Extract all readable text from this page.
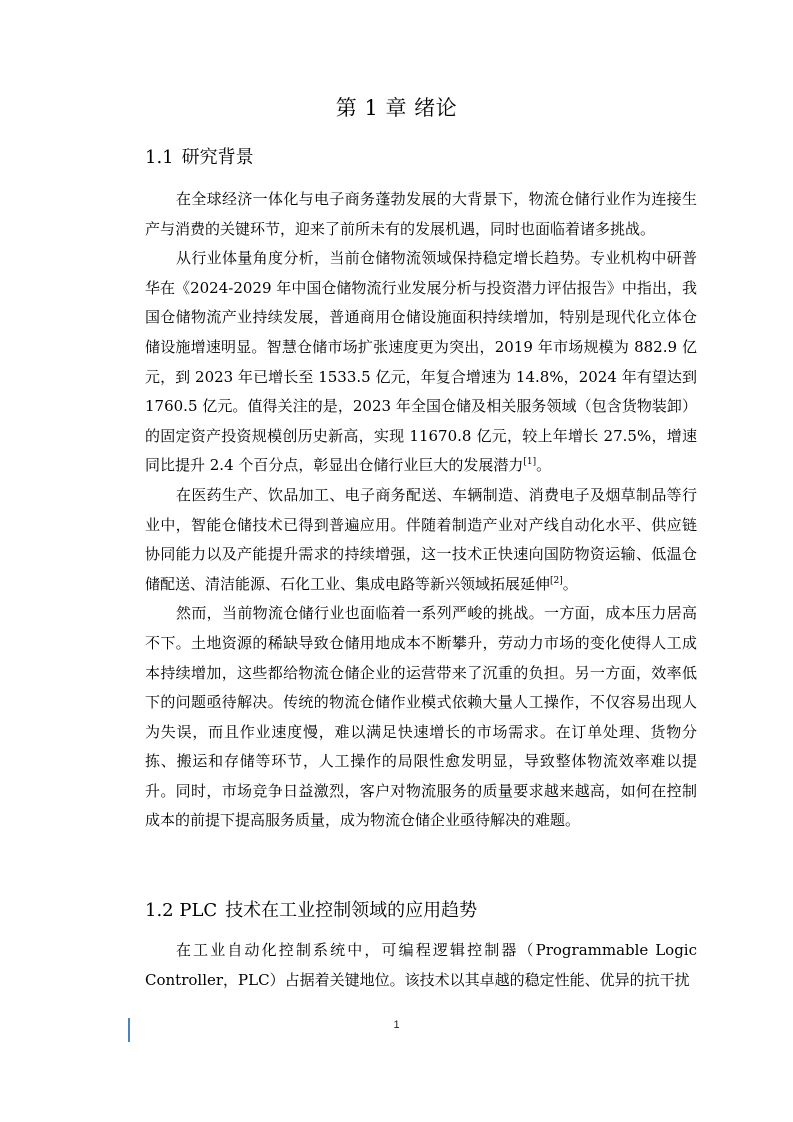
第 1 章 绪论
1.1 研究背景

在全球经济一体化与电子商务蓬勃发展的大背景下，物流仓储行业作为连接生产与消费的关键环节，迎来了前所未有的发展机遇，同时也面临着诸多挑战。

从行业体量角度分析，当前仓储物流领域保持稳定增长趋势。专业机构中研普华在《2024-2029 年中国仓储物流行业发展分析与投资潜力评估报告》中指出，我国仓储物流产业持续发展，普通商用仓储设施面积持续增加，特别是现代化立体仓储设施增速明显。智慧仓储市场扩张速度更为突出，2019 年市场规模为 882.9 亿元，到 2023 年已增长至 1533.5 亿元，年复合增速为 14.8%，2024 年有望达到 1760.5 亿元。值得关注的是，2023 年全国仓储及相关服务领域（包含货物装卸）的固定资产投资规模创历史新高，实现 11670.8 亿元，较上年增长 27.5%，增速同比提升 2.4 个百分点，彰显出仓储行业巨大的发展潜力[1]。

在医药生产、饮品加工、电子商务配送、车辆制造、消费电子及烟草制品等行业中，智能仓储技术已得到普遍应用。伴随着制造产业对产线自动化水平、供应链协同能力以及产能提升需求的持续增强，这一技术正快速向国防物资运输、低温仓储配送、清洁能源、石化工业、集成电路等新兴领域拓展延伸[2]。

然而，当前物流仓储行业也面临着一系列严峻的挑战。一方面，成本压力居高不下。土地资源的稀缺导致仓储用地成本不断攀升，劳动力市场的变化使得人工成本持续增加，这些都给物流仓储企业的运营带来了沉重的负担。另一方面，效率低下的问题亟待解决。传统的物流仓储作业模式依赖大量人工操作，不仅容易出现人为失误，而且作业速度慢，难以满足快速增长的市场需求。在订单处理、货物分拣、搬运和存储等环节，人工操作的局限性愈发明显，导致整体物流效率难以提升。同时，市场竞争日益激烈，客户对物流服务的质量要求越来越高，如何在控制成本的前提下提高服务质量，成为物流仓储企业亟待解决的难题。

1.2 PLC 技术在工业控制领域的应用趋势

在工业自动化控制系统中，可编程逻辑控制器（Programmable Logic Controller，PLC）占据着关键地位。该技术以其卓越的稳定性能、优异的抗干扰

1
